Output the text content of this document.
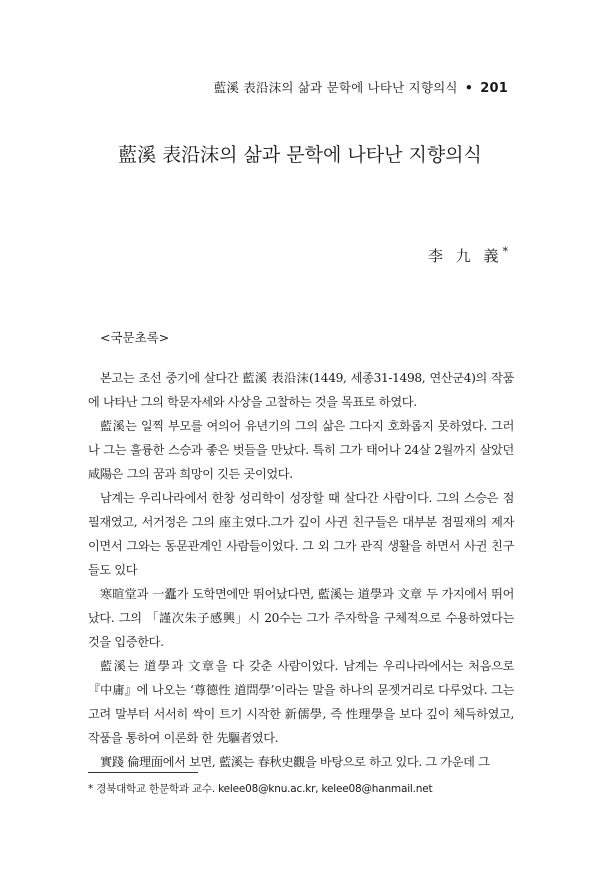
藍溪 表沿沫의 삶과 문학에 나타난 지향의식 • 201
藍溪 表沿沫의 삶과 문학에 나타난 지향의식
李 九 義*
<국문초록>

본고는 조선 중기에 살다간 藍溪 表沿沫(1449, 세종31-1498, 연산군4)의 작품에 나타난 그의 학문자세와 사상을 고찰하는 것을 목표로 하였다.

藍溪는 일찍 부모를 여의어 유년기의 그의 삶은 그다지 호화롭지 못하였다. 그러나 그는 훌륭한 스승과 좋은 벗들을 만났다. 특히 그가 태어나 24살 2월까지 살았던 咸陽은 그의 꿈과 희망이 깃든 곳이었다.

남계는 우리나라에서 한창 성리학이 성장할 때 살다간 사람이다. 그의 스승은 점필재였고, 서거정은 그의 座主였다.그가 깊이 사귄 친구들은 대부분 점필재의 제자이면서 그와는 동문관계인 사람들이었다. 그 외 그가 관직 생활을 하면서 사귄 친구들도 있다

寒暄堂과 一蠹가 도학면에만 뛰어났다면, 藍溪는 道學과 文章 두 가지에서 뛰어났다. 그의 「謹次朱子感興」시 20수는 그가 주자학을 구체적으로 수용하였다는 것을 입증한다.

藍溪는 道學과 文章을 다 갖춘 사람이었다. 남계는 우리나라에서는 처음으로 『中庸』에 나오는 ‘尊德性 道問學’이라는 말을 하나의 문젯거리로 다루었다. 그는 고려 말부터 서서히 싹이 트기 시작한 新儒學, 즉 性理學을 보다 깊이 체득하였고, 작품을 통하여 이론화 한 先驅者였다.

實踐 倫理面에서 보면, 藍溪는 春秋史觀을 바탕으로 하고 있다. 그 가운데 그

* 경북대학교 한문학과 교수. kelee08@knu.ac.kr, kelee08@hanmail.net
